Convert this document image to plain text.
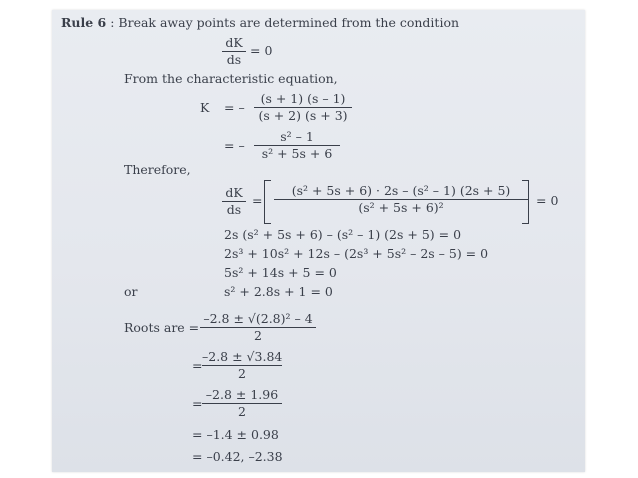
Rule 6 : Break away points are determined from the condition
dK
ds
= 0
From the characteristic equation,
K = –
(s + 1) (s – 1)
(s + 2) (s + 3)
= –
s² – 1
s² + 5s + 6
Therefore,
dK
ds
=
(s² + 5s + 6) · 2s – (s² – 1) (2s + 5)
(s² + 5s + 6)²	= 0
2s (s² + 5s + 6) – (s² – 1) (2s + 5) = 0
2s³ + 10s² + 12s – (2s³ + 5s² – 2s – 5) = 0
5s² + 14s + 5 = 0
or	s² + 2.8s + 1 = 0
Roots are =
–2.8 ± √(2.8)² – 4
2
=
–2.8 ± √3.84
2
=
–2.8 ± 1.96
2
= –1.4 ± 0.98
= –0.42, –2.38
